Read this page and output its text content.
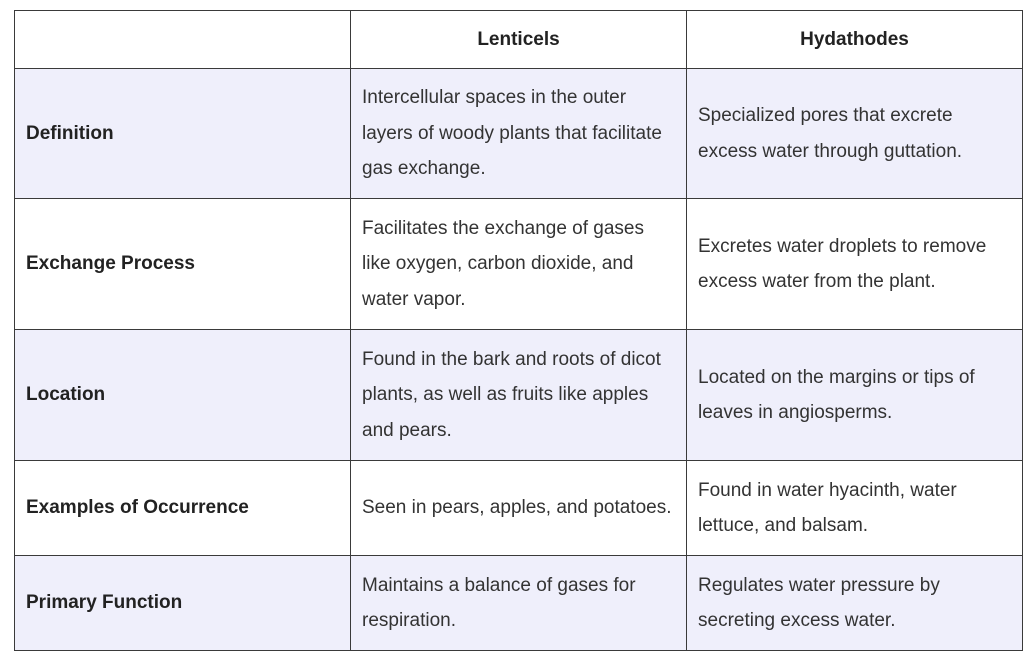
	Lenticels	Hydathodes
Definition	Intercellular spaces in the outer layers of woody plants that facilitate gas exchange.	Specialized pores that excrete excess water through guttation.
Exchange Process	Facilitates the exchange of gases like oxygen, carbon dioxide, and water vapor.	Excretes water droplets to remove excess water from the plant.
Location	Found in the bark and roots of dicot plants, as well as fruits like apples and pears.	Located on the margins or tips of leaves in angiosperms.
Examples of Occurrence	Seen in pears, apples, and potatoes.	Found in water hyacinth, water lettuce, and balsam.
Primary Function	Maintains a balance of gases for respiration.	Regulates water pressure by secreting excess water.
